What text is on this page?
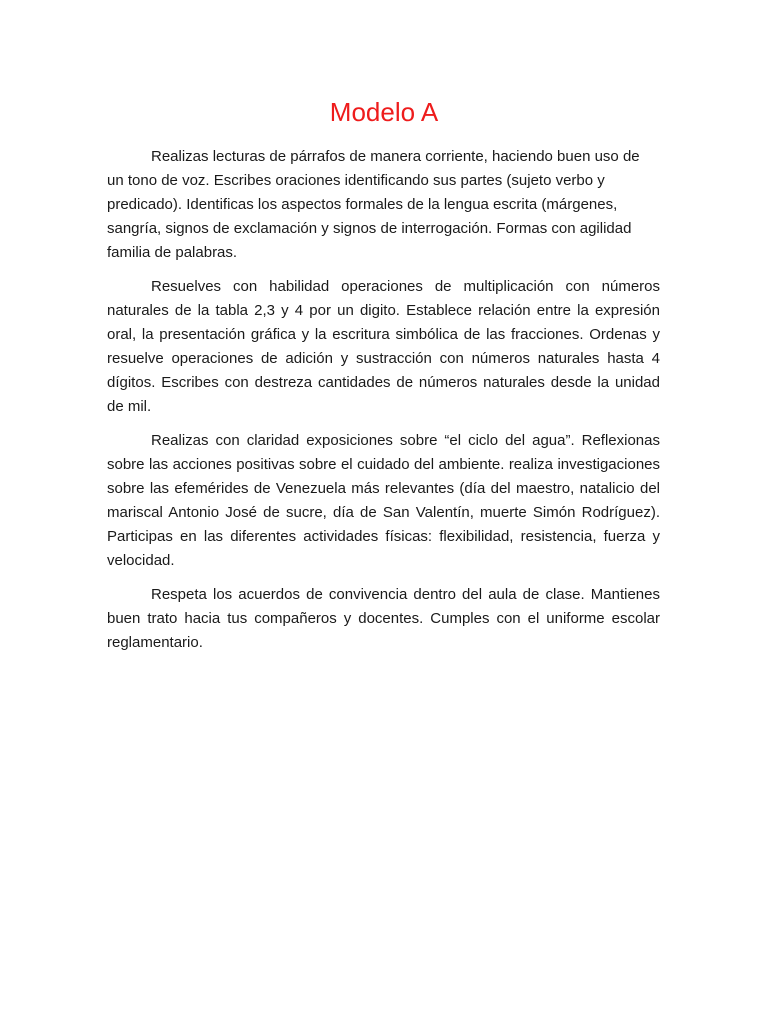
Modelo A

Realizas lecturas de párrafos de manera corriente, haciendo buen uso de un tono de voz. Escribes oraciones identificando sus partes (sujeto verbo y predicado). Identificas los aspectos formales de la lengua escrita (márgenes, sangría, signos de exclamación y signos de interrogación. Formas con agilidad familia de palabras.

Resuelves con habilidad operaciones de multiplicación con números naturales de la tabla 2,3 y 4 por un digito. Establece relación entre la expresión oral, la presentación gráfica y la escritura simbólica de las fracciones. Ordenas y resuelve operaciones de adición y sustracción con números naturales hasta 4 dígitos. Escribes con destreza cantidades de números naturales desde la unidad de mil.

Realizas con claridad exposiciones sobre “el ciclo del agua”. Reflexionas sobre las acciones positivas sobre el cuidado del ambiente. realiza investigaciones sobre las efemérides de Venezuela más relevantes (día del maestro, natalicio del mariscal Antonio José de sucre, día de San Valentín, muerte Simón Rodríguez). Participas en las diferentes actividades físicas: flexibilidad, resistencia, fuerza y velocidad.

Respeta los acuerdos de convivencia dentro del aula de clase. Mantienes buen trato hacia tus compañeros y docentes. Cumples con el uniforme escolar reglamentario.
